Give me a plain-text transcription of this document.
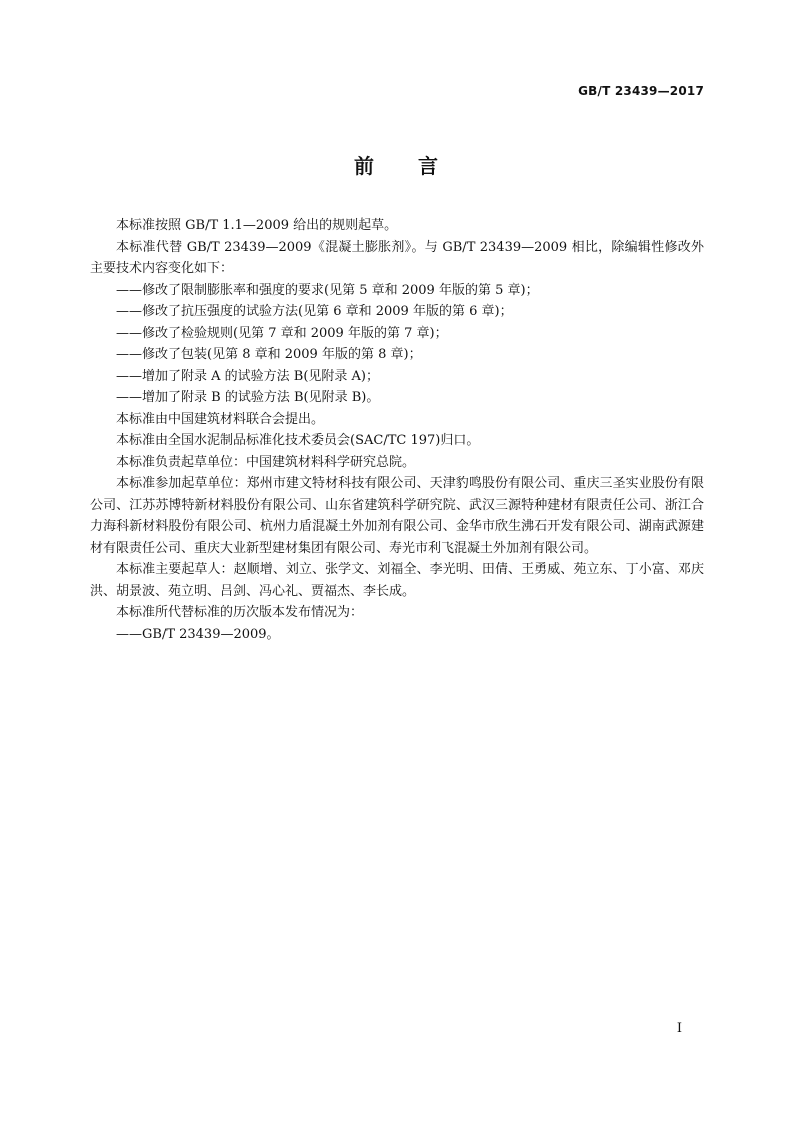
GB/T 23439—2017
前 言

本标准按照 GB/T 1.1—2009 给出的规则起草。

本标准代替 GB/T 23439—2009《混凝土膨胀剂》。与 GB/T 23439—2009 相比，除编辑性修改外主要技术内容变化如下：

——修改了限制膨胀率和强度的要求(见第 5 章和 2009 年版的第 5 章)；

——修改了抗压强度的试验方法(见第 6 章和 2009 年版的第 6 章)；

——修改了检验规则(见第 7 章和 2009 年版的第 7 章)；

——修改了包装(见第 8 章和 2009 年版的第 8 章)；

——增加了附录 A 的试验方法 B(见附录 A)；

——增加了附录 B 的试验方法 B(见附录 B)。

本标准由中国建筑材料联合会提出。

本标准由全国水泥制品标准化技术委员会(SAC/TC 197)归口。

本标准负责起草单位：中国建筑材料科学研究总院。

本标准参加起草单位：郑州市建文特材科技有限公司、天津豹鸣股份有限公司、重庆三圣实业股份有限公司、江苏苏博特新材料股份有限公司、山东省建筑科学研究院、武汉三源特种建材有限责任公司、浙江合力海科新材料股份有限公司、杭州力盾混凝土外加剂有限公司、金华市欣生沸石开发有限公司、湖南武源建材有限责任公司、重庆大业新型建材集团有限公司、寿光市利飞混凝土外加剂有限公司。

本标准主要起草人：赵顺增、刘立、张学文、刘福全、李光明、田倩、王勇威、苑立东、丁小富、邓庆洪、胡景波、苑立明、吕剑、冯心礼、贾福杰、李长成。

本标准所代替标准的历次版本发布情况为：

——GB/T 23439—2009。

I
